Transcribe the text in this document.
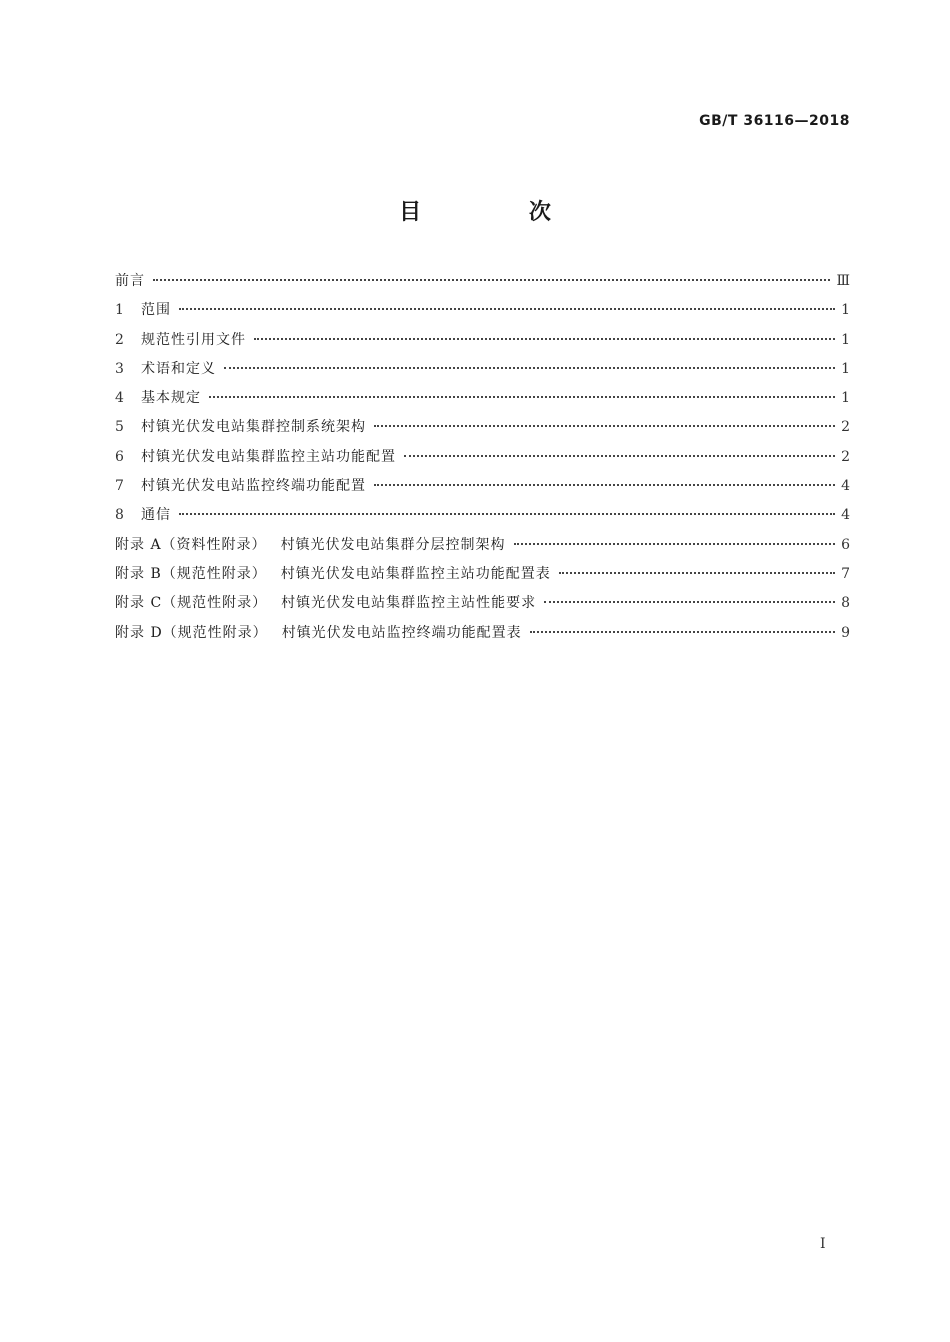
GB/T 36116—2018
目 次
前言	Ⅲ
1	范围	1
2	规范性引用文件	1
3	术语和定义	1
4	基本规定	1
5	村镇光伏发电站集群控制系统架构	2
6	村镇光伏发电站集群监控主站功能配置	2
7	村镇光伏发电站监控终端功能配置	4
8	通信	4
附录 A（资料性附录） 村镇光伏发电站集群分层控制架构	6
附录 B（规范性附录） 村镇光伏发电站集群监控主站功能配置表	7
附录 C（规范性附录） 村镇光伏发电站集群监控主站性能要求	8
附录 D（规范性附录） 村镇光伏发电站监控终端功能配置表	9
I
